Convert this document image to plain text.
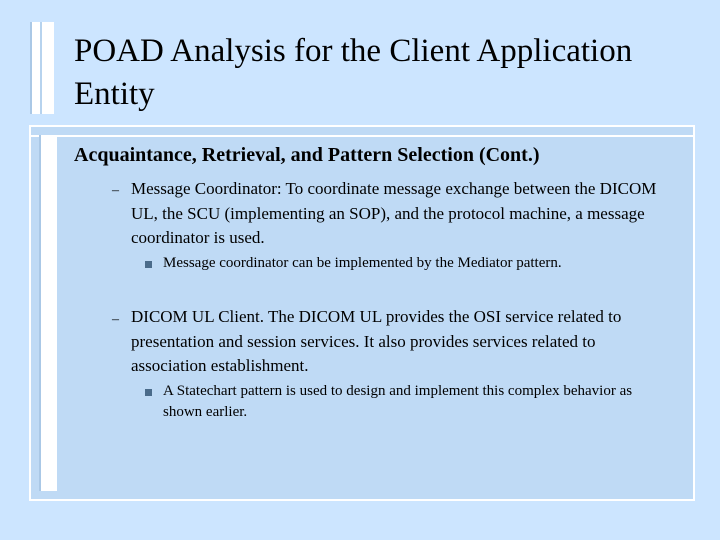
POAD Analysis for the Client Application Entity
Acquaintance, Retrieval, and Pattern Selection (Cont.)
– Message Coordinator: To coordinate message exchange between the DICOM UL, the SCU (implementing an SOP), and the protocol machine, a message coordinator is used.
Message coordinator can be implemented by the Mediator pattern.
– DICOM UL Client. The DICOM UL provides the OSI service related to presentation and session services. It also provides services related to association establishment.
A Statechart pattern is used to design and implement this complex behavior as shown earlier.
